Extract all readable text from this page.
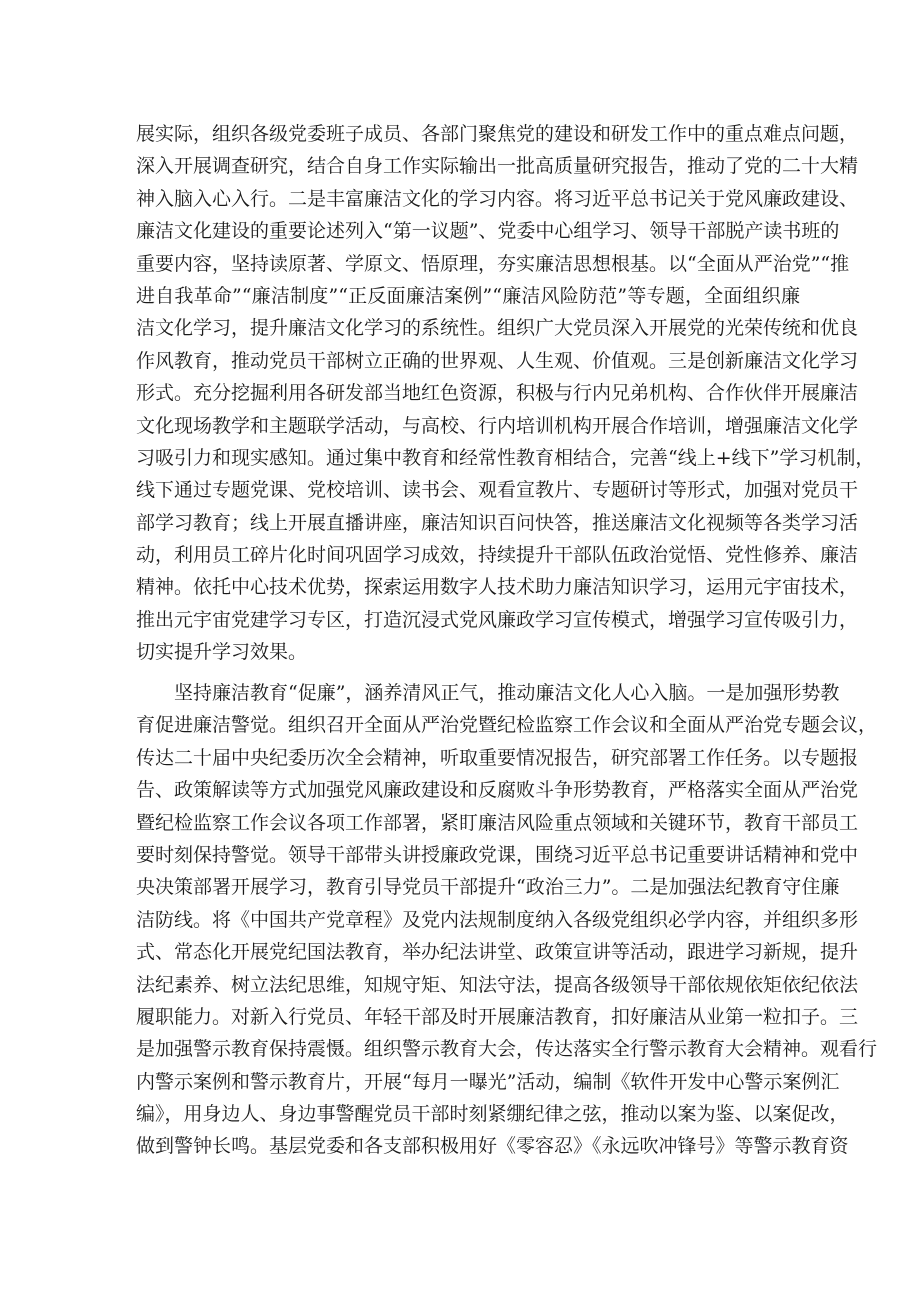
展实际，组织各级党委班子成员、各部门聚焦党的建设和研发工作中的重点难点问题，
深入开展调查研究，结合自身工作实际输出一批高质量研究报告，推动了党的二十大精
神入脑入心入行。二是丰富廉洁文化的学习内容。将习近平总书记关于党风廉政建设、
廉洁文化建设的重要论述列入“第一议题”、党委中心组学习、领导干部脱产读书班的
重要内容，坚持读原著、学原文、悟原理，夯实廉洁思想根基。以“全面从严治党”“推
进自我革命”“廉洁制度”“正反面廉洁案例”“廉洁风险防范”等专题，全面组织廉
洁文化学习，提升廉洁文化学习的系统性。组织广大党员深入开展党的光荣传统和优良
作风教育，推动党员干部树立正确的世界观、人生观、价值观。三是创新廉洁文化学习
形式。充分挖掘利用各研发部当地红色资源，积极与行内兄弟机构、合作伙伴开展廉洁
文化现场教学和主题联学活动，与高校、行内培训机构开展合作培训，增强廉洁文化学
习吸引力和现实感知。通过集中教育和经常性教育相结合，完善“线上+线下”学习机制，
线下通过专题党课、党校培训、读书会、观看宣教片、专题研讨等形式，加强对党员干
部学习教育；线上开展直播讲座，廉洁知识百问快答，推送廉洁文化视频等各类学习活
动，利用员工碎片化时间巩固学习成效，持续提升干部队伍政治觉悟、党性修养、廉洁
精神。依托中心技术优势，探索运用数字人技术助力廉洁知识学习，运用元宇宙技术，
推出元宇宙党建学习专区，打造沉浸式党风廉政学习宣传模式，增强学习宣传吸引力，
切实提升学习效果。
坚持廉洁教育“促廉”，涵养清风正气，推动廉洁文化人心入脑。一是加强形势教
育促进廉洁警觉。组织召开全面从严治党暨纪检监察工作会议和全面从严治党专题会议，
传达二十届中央纪委历次全会精神，听取重要情况报告，研究部署工作任务。以专题报
告、政策解读等方式加强党风廉政建设和反腐败斗争形势教育，严格落实全面从严治党
暨纪检监察工作会议各项工作部署，紧盯廉洁风险重点领域和关键环节，教育干部员工
要时刻保持警觉。领导干部带头讲授廉政党课，围绕习近平总书记重要讲话精神和党中
央决策部署开展学习，教育引导党员干部提升“政治三力”。二是加强法纪教育守住廉
洁防线。将《中国共产党章程》及党内法规制度纳入各级党组织必学内容，并组织多形
式、常态化开展党纪国法教育，举办纪法讲堂、政策宣讲等活动，跟进学习新规，提升
法纪素养、树立法纪思维，知规守矩、知法守法，提高各级领导干部依规依矩依纪依法
履职能力。对新入行党员、年轻干部及时开展廉洁教育，扣好廉洁从业第一粒扣子。三
是加强警示教育保持震慑。组织警示教育大会，传达落实全行警示教育大会精神。观看行
内警示案例和警示教育片，开展“每月一曝光”活动，编制《软件开发中心警示案例汇
编》，用身边人、身边事警醒党员干部时刻紧绷纪律之弦，推动以案为鉴、以案促改，
做到警钟长鸣。基层党委和各支部积极用好《零容忍》《永远吹冲锋号》等警示教育资
